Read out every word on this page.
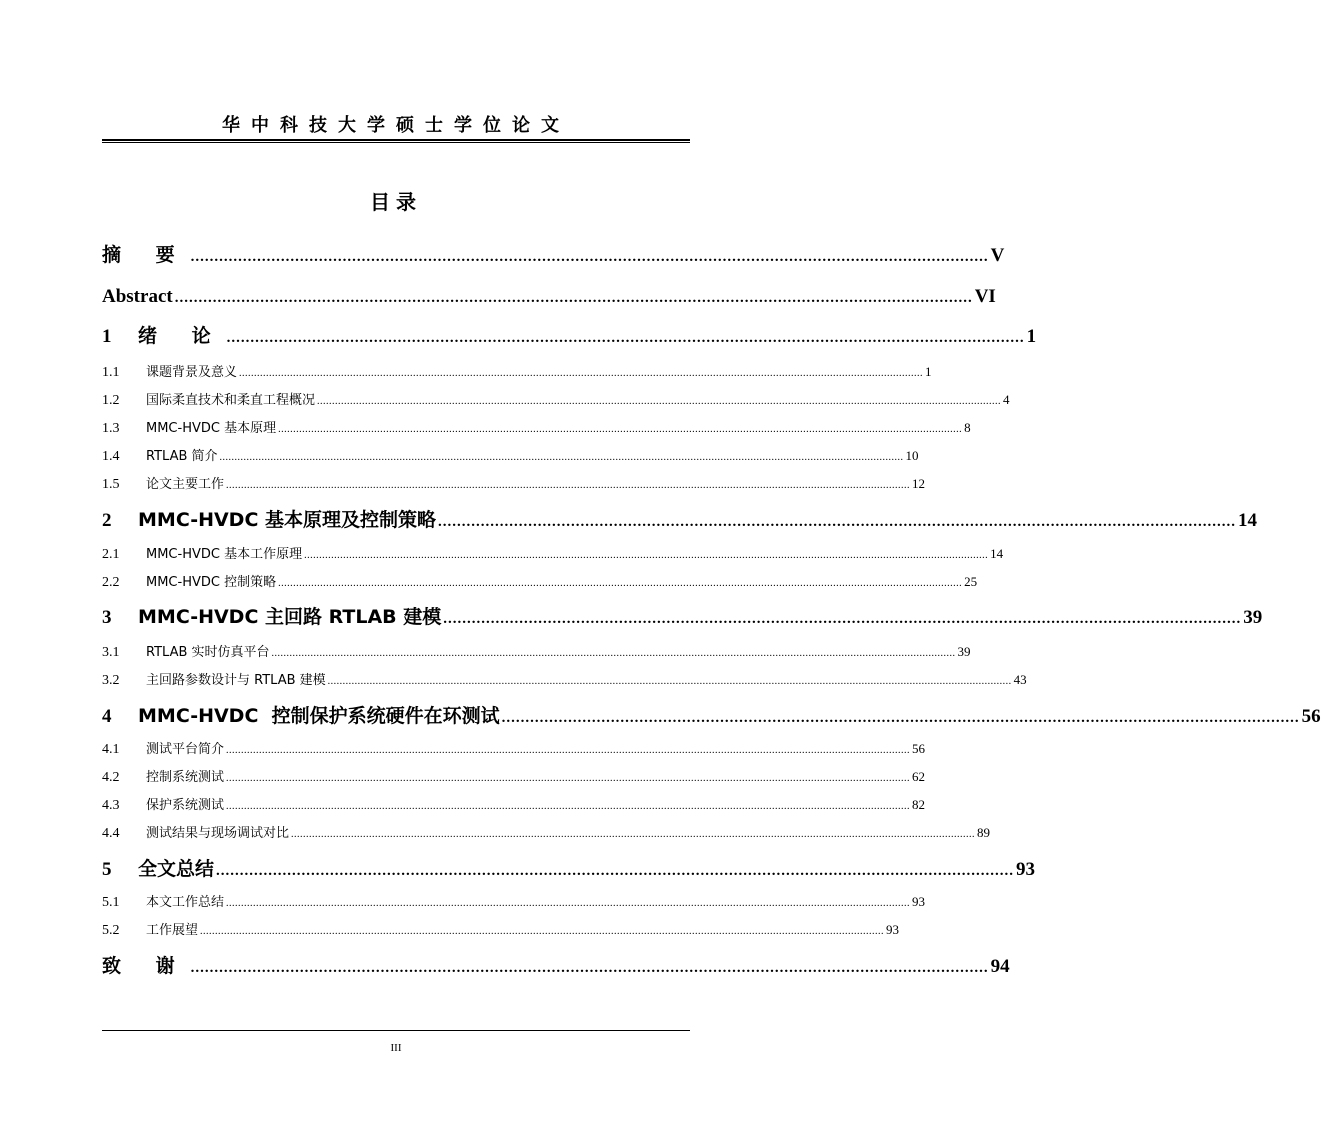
华中科技大学硕士学位论文
目录
摘 要 ........................................................................................................................................................................ V
Abstract ........................................................................................................................................................................ VI
1	绪 论 ........................................................................................................................................................................ 1
1.1	课题背景及意义 .................................................................................................................................................................................................................................... 1
1.2	国际柔直技术和柔直工程概况 .................................................................................................................................................................................................................................... 4
1.3	MMC-HVDC 基本原理 .................................................................................................................................................................................................................................... 8
1.4	RTLAB 简介 .................................................................................................................................................................................................................................... 10
1.5	论文主要工作 .................................................................................................................................................................................................................................... 12
2	MMC-HVDC 基本原理及控制策略 ........................................................................................................................................................................ 14
2.1	MMC-HVDC 基本工作原理 .................................................................................................................................................................................................................................... 14
2.2	MMC-HVDC 控制策略 .................................................................................................................................................................................................................................... 25
3	MMC-HVDC 主回路 RTLAB 建模 ........................................................................................................................................................................ 39
3.1	RTLAB 实时仿真平台 .................................................................................................................................................................................................................................... 39
3.2	主回路参数设计与 RTLAB 建模 .................................................................................................................................................................................................................................... 43
4	MMC-HVDC  控制保护系统硬件在环测试 ........................................................................................................................................................................ 56
4.1	测试平台简介 .................................................................................................................................................................................................................................... 56
4.2	控制系统测试 .................................................................................................................................................................................................................................... 62
4.3	保护系统测试 .................................................................................................................................................................................................................................... 82
4.4	测试结果与现场调试对比 .................................................................................................................................................................................................................................... 89
5	全文总结 ........................................................................................................................................................................ 93
5.1	本文工作总结 .................................................................................................................................................................................................................................... 93
5.2	工作展望 .................................................................................................................................................................................................................................... 93
致 谢 ........................................................................................................................................................................ 94
III
